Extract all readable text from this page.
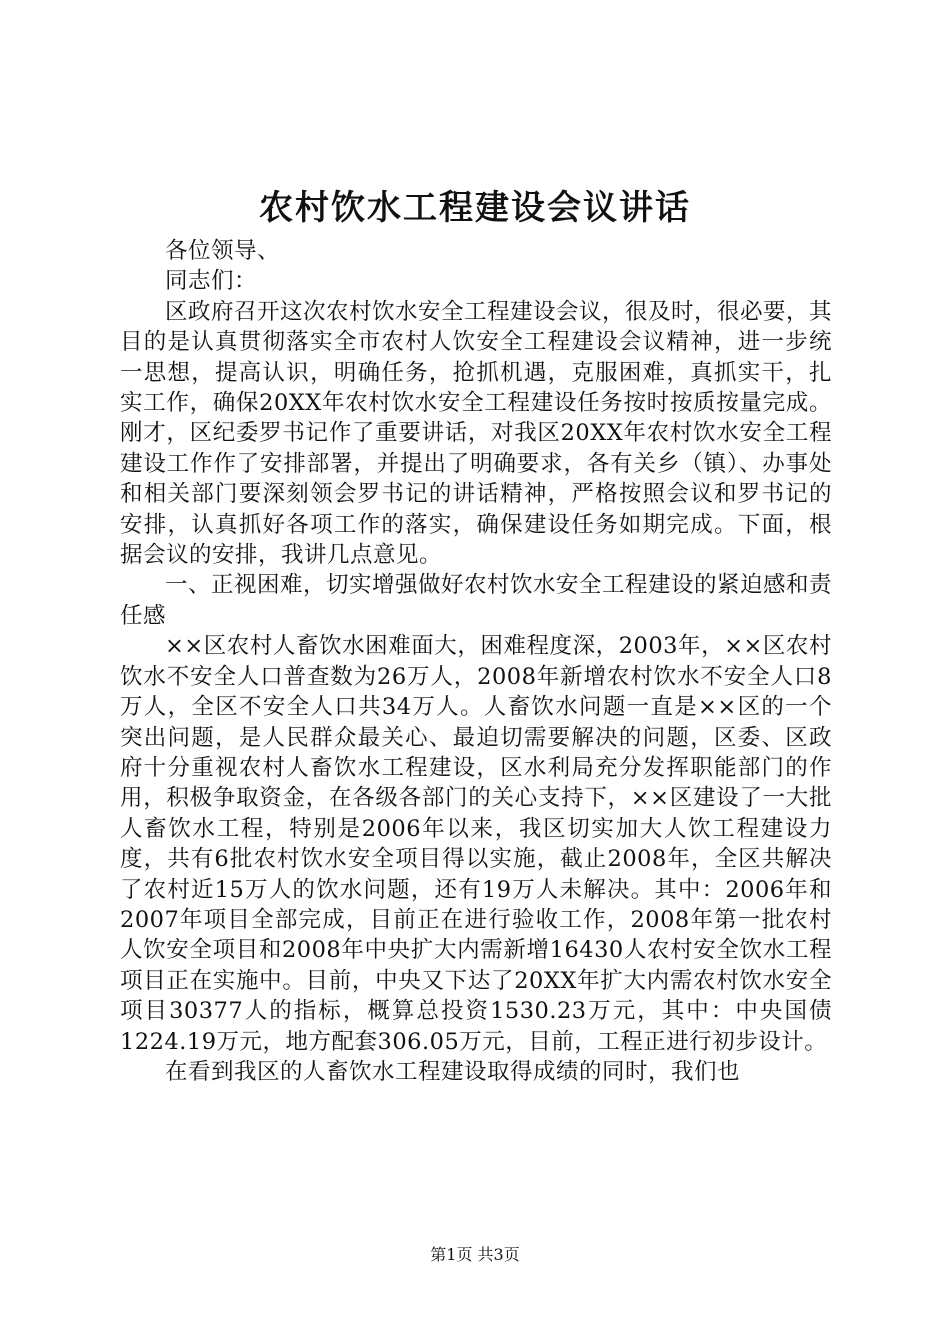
农村饮水工程建设会议讲话

各位领导、

同志们：

区政府召开这次农村饮水安全工程建设会议，很及时，很必要，其目的是认真贯彻落实全市农村人饮安全工程建设会议精神，进一步统一思想，提高认识，明确任务，抢抓机遇，克服困难，真抓实干，扎实工作，确保20XX年农村饮水安全工程建设任务按时按质按量完成。刚才，区纪委罗书记作了重要讲话，对我区20XX年农村饮水安全工程建设工作作了安排部署，并提出了明确要求，各有关乡（镇）、办事处和相关部门要深刻领会罗书记的讲话精神，严格按照会议和罗书记的安排，认真抓好各项工作的落实，确保建设任务如期完成。下面，根据会议的安排，我讲几点意见。

一、正视困难，切实增强做好农村饮水安全工程建设的紧迫感和责任感

××区农村人畜饮水困难面大，困难程度深，2003年，××区农村饮水不安全人口普查数为26万人，2008年新增农村饮水不安全人口8万人，全区不安全人口共34万人。人畜饮水问题一直是××区的一个突出问题，是人民群众最关心、最迫切需要解决的问题，区委、区政府十分重视农村人畜饮水工程建设，区水利局充分发挥职能部门的作用，积极争取资金，在各级各部门的关心支持下，××区建设了一大批人畜饮水工程，特别是2006年以来，我区切实加大人饮工程建设力度，共有6批农村饮水安全项目得以实施，截止2008年，全区共解决了农村近15万人的饮水问题，还有19万人未解决。其中：2006年和2007年项目全部完成，目前正在进行验收工作，2008年第一批农村人饮安全项目和2008年中央扩大内需新增16430人农村安全饮水工程项目正在实施中。目前，中央又下达了20XX年扩大内需农村饮水安全项目30377人的指标，概算总投资1530.23万元，其中：中央国债1224.19万元，地方配套306.05万元，目前，工程正进行初步设计。

在看到我区的人畜饮水工程建设取得成绩的同时，我们也

第1页 共3页
